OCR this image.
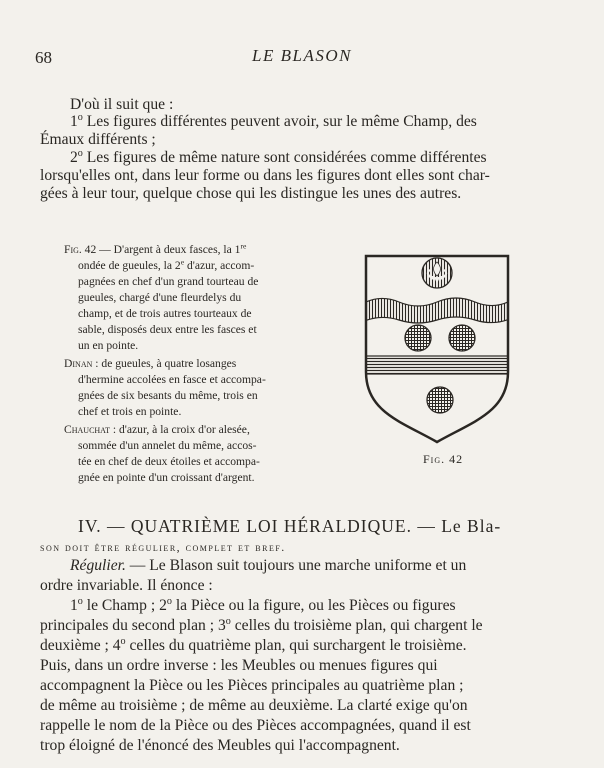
68	LE BLASON
D'où il suit que :
1$^o$ Les figures différentes peuvent avoir, sur le même Champ, des
Émaux différents ;
2$^o$ Les figures de même nature sont considérées comme différentes
lorsqu'elles ont, dans leur forme ou dans les figures dont elles sont char-
gées à leur tour, quelque chose qui les distingue les unes des autres.
Fig. 42 — D'argent à deux fasces, la 1re
ondée de gueules, la 2e d'azur, accom-
pagnées en chef d'un grand tourteau de
gueules, chargé d'une fleurdelys du
champ, et de trois autres tourteaux de
sable, disposés deux entre les fasces et
un en pointe.
Dinan : de gueules, à quatre losanges
d'hermine accolées en fasce et accompa-
gnées de six besants du même, trois en
chef et trois en pointe.
Chauchat : d'azur, à la croix d'or alesée,
sommée d'un annelet du même, accos-
tée en chef de deux étoiles et accompa-
gnée en pointe d'un croissant d'argent.
Fig. 42
IV. — QUATRIÈME LOI HÉRALDIQUE. — Le Bla-
son doit être régulier, complet et bref.
Régulier. — Le Blason suit toujours une marche uniforme et un
ordre invariable. Il énonce :
1$^o$ le Champ ; 2$^o$ la Pièce ou la figure, ou les Pièces ou figures
principales du second plan ; 3$^o$ celles du troisième plan, qui chargent le
deuxième ; 4$^o$ celles du quatrième plan, qui surchargent le troisième.
Puis, dans un ordre inverse : les Meubles ou menues figures qui
accompagnent la Pièce ou les Pièces principales au quatrième plan ;
de même au troisième ; de même au deuxième. La clarté exige qu'on
rappelle le nom de la Pièce ou des Pièces accompagnées, quand il est
trop éloigné de l'énoncé des Meubles qui l'accompagnent.
